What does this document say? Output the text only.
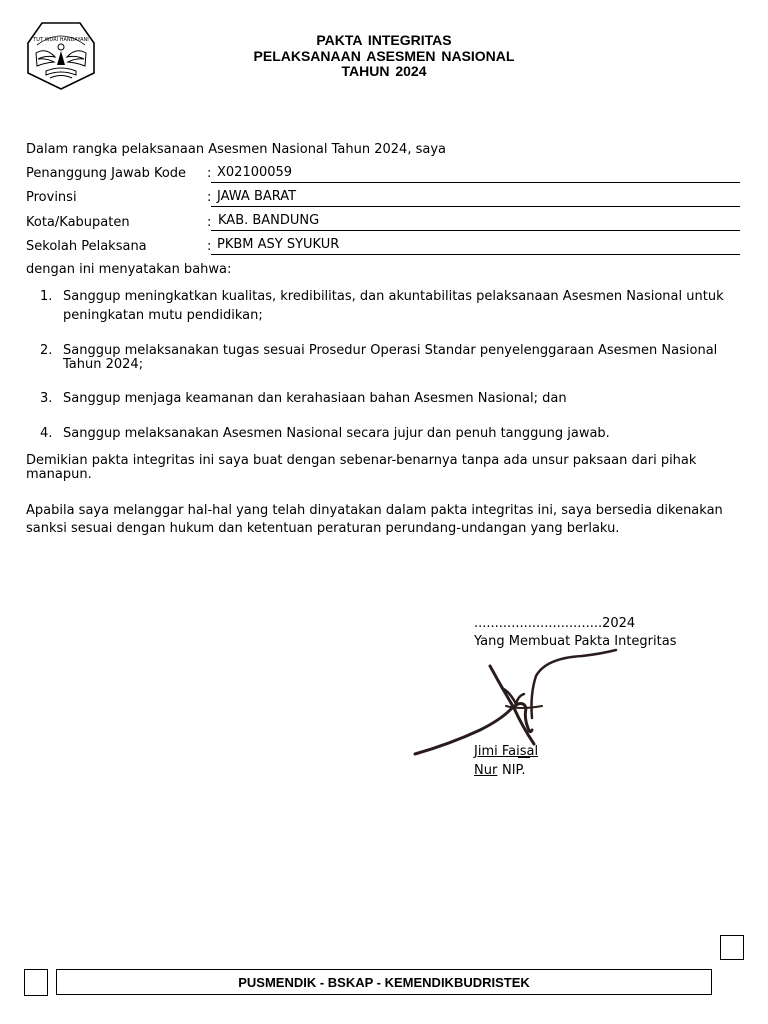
TUT WURI HANDAYANI	PAKTA INTEGRITAS
PELAKSANAAN ASESMEN NASIONAL
TAHUN 2024
Dalam rangka pelaksanaan Asesmen Nasional Tahun 2024, saya
Penanggung Jawab Kode : X02100059
Provinsi	: JAWA BARAT
Kota/Kabupaten	: KAB. BANDUNG
Sekolah Pelaksana	: PKBM ASY SYUKUR
dengan ini menyatakan bahwa:
1. Sanggup meningkatkan kualitas, kredibilitas, dan akuntabilitas pelaksanaan Asesmen Nasional untuk
peningkatan mutu pendidikan;
2. Sanggup melaksanakan tugas sesuai Prosedur Operasi Standar penyelenggaraan Asesmen Nasional
Tahun 2024;
3. Sanggup menjaga keamanan dan kerahasiaan bahan Asesmen Nasional; dan
4. Sanggup melaksanakan Asesmen Nasional secara jujur dan penuh tanggung jawab.
Demikian pakta integritas ini saya buat dengan sebenar-benarnya tanpa ada unsur paksaan dari pihak
manapun.
Apabila saya melanggar hal-hal yang telah dinyatakan dalam pakta integritas ini, saya bersedia dikenakan
sanksi sesuai dengan hukum dan ketentuan peraturan perundang-undangan yang berlaku.
...............................2024
Yang Membuat Pakta Integritas
Jimi Faisal
Nur NIP.
PUSMENDIK - BSKAP - KEMENDIKBUDRISTEK
